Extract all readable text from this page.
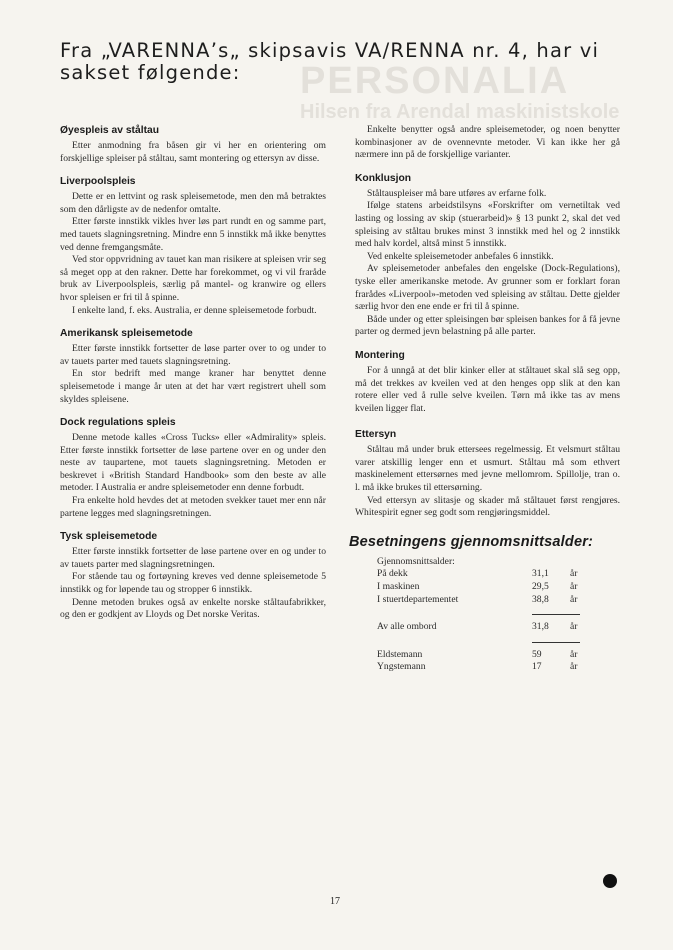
PERSONALIA
Hilsen fra Arendal maskinistskole
Fra „VARENNA’s„ skipsavis VA/RENNA nr. 4, har vi sakset følgende:
Øyespleis av ståltau

Etter anmodning fra båsen gir vi her en orientering om forskjellige spleiser på ståltau, samt montering og ettersyn av disse.

Liverpoolspleis

Dette er en lettvint og rask spleisemetode, men den må betraktes som den dårligste av de nedenfor omtalte.

Etter første innstikk vikles hver løs part rundt en og samme part, med tauets slagningsretning. Mindre enn 5 innstikk må ikke benyttes ved denne fremgangsmåte.

Ved stor oppvridning av tauet kan man risikere at spleisen vrir seg så meget opp at den rakner. Dette har forekommet, og vi vil fraråde bruk av Liverpoolspleis, særlig på mantel- og kranwire og ellers hvor spleisen er fri til å spinne.

I enkelte land, f. eks. Australia, er denne spleisemetode forbudt.

Amerikansk spleisemetode

Etter første innstikk fortsetter de løse parter over to og under to av tauets parter med tauets slagningsretning.

En stor bedrift med mange kraner har benyttet denne spleisemetode i mange år uten at det har vært registrert uhell som skyldes spleisene.

Dock regulations spleis

Denne metode kalles «Cross Tucks» eller «Admirality» spleis. Etter første innstikk fortsetter de løse partene over en og under den neste av taupartene, mot tauets slagningsretning. Metoden er beskrevet i «British Standard Handbook» som den beste av alle metoder. I Australia er andre spleisemetoder enn denne forbudt.

Fra enkelte hold hevdes det at metoden svekker tauet mer enn når partene legges med slagningsretningen.

Tysk spleisemetode

Etter første innstikk fortsetter de løse partene over en og under to av tauets parter med slagningsretningen.

For stående tau og fortøyning kreves ved denne spleisemetode 5 innstikk og for løpende tau og stropper 6 innstikk.

Denne metoden brukes også av enkelte norske ståltaufabrikker, og den er godkjent av Lloyds og Det norske Veritas.

Enkelte benytter også andre spleisemetoder, og noen benytter kombinasjoner av de ovennevnte metoder. Vi kan ikke her gå nærmere inn på de forskjellige varianter.

Konklusjon

Ståltauspleiser må bare utføres av erfarne folk.

Ifølge statens arbeidstilsyns «Forskrifter om vernetiltak ved lasting og lossing av skip (stuerarbeid)» § 13 punkt 2, skal det ved spleising av ståltau brukes minst 3 innstikk med hel og 2 innstikk med halv kordel, altså minst 5 innstikk.

Ved enkelte spleisemetoder anbefales 6 innstikk.

Av spleisemetoder anbefales den engelske (Dock-Regulations), tyske eller amerikanske metode. Av grunner som er forklart foran frarådes «Liverpool»-metoden ved spleising av ståltau. Dette gjelder særlig hvor den ene ende er fri til å spinne.

Både under og etter spleisingen bør spleisen bankes for å få jevne parter og dermed jevn belastning på alle parter.

Montering

For å unngå at det blir kinker eller at ståltauet skal slå seg opp, må det trekkes av kveilen ved at den henges opp slik at den kan rotere eller ved å rulle selve kveilen. Tørn må ikke tas av mens kveilen ligger flat.

Ettersyn

Ståltau må under bruk ettersees regelmessig. Et velsmurt ståltau varer atskillig lenger enn et usmurt. Ståltau må som ethvert maskinelement ettersørnes med jevne mellomrom. Spillolje, tran o. l. må ikke brukes til ettersørning.

Ved ettersyn av slitasje og skader må ståltauet først rengjøres. Whitespirit egner seg godt som rengjøringsmiddel.

Besetningens gjennomsnittsalder:
Gjennomsnittsalder:
På dekk	31,1	år
I maskinen	29,5	år
I stuertdepartementet	38,8	år
Av alle ombord	31,8	år
Eldstemann	59	år
Yngstemann	17	år
17
